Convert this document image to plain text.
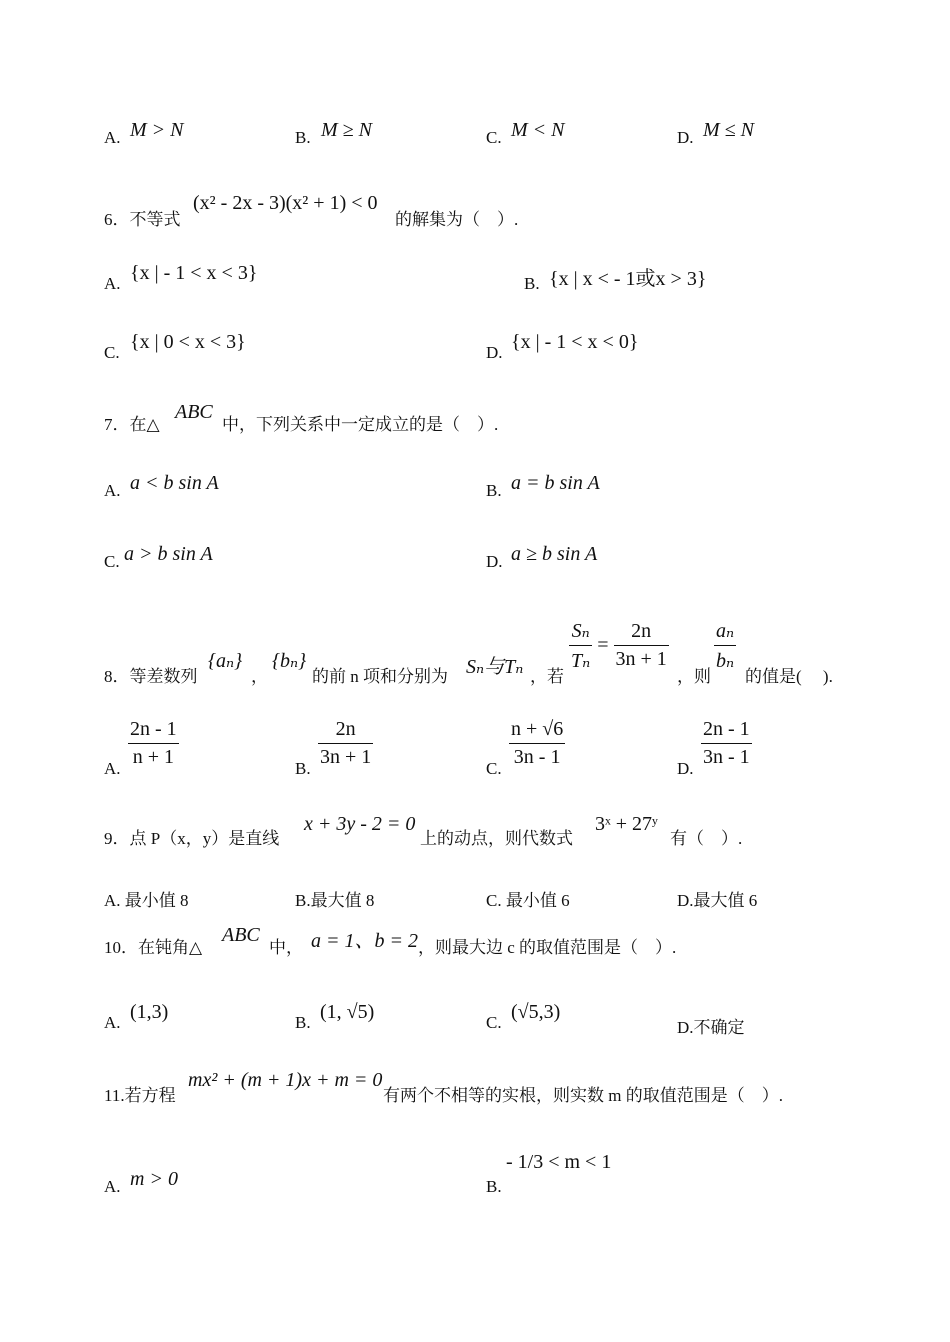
A. M > N	B. M ≥ N	C. M < N	D. M ≤ N
6．不等式
(x² - 2x - 3)(x² + 1) < 0
的解集为（　）.
A. {x | - 1 < x < 3}	B. {x | x < - 1或x > 3}
C. {x | 0 < x < 3}	D. {x | - 1 < x < 0}
7．在△
ABC
中，下列关系中一定成立的是（　）.
A. a < b sin A	B. a = b sin A
C. a > b sin A	D. a ≥ b sin A
8．等差数列
{aₙ}
，
{bₙ}
的前 n 项和分别为 Sₙ与Tₙ ，若
$\frac{\text{Sₙ}}{\text{Tₙ}} = \frac{2n}{3n + 1}$
，则
$\frac{\text{aₙ}}{\text{bₙ}}$
的值是(　 ).
A. $\frac{2n - 1}{n + 1}$	B. $\frac{2n}{3n + 1}$	C. $\frac{n + √6}{3n - 1}$	D. $\frac{2n - 1}{3n - 1}$
9．点 P（x，y）是直线
x + 3y - 2 = 0
上的动点，则代数式
3ˣ + 27ʸ
有（　）.
A. 最小值 8	B.最大值 8	C. 最小值 6	D.最大值 6
10．在钝角△
ABC
中， a = 1、b = 2 ，则最大边 c 的取值范围是（　）.
A. (1,3)	B. (1, √5)	C. (√5,3)
D.不确定
11.若方程
mx² + (m + 1)x + m = 0
有两个不相等的实根，则实数 m 的取值范围是（　）.
A. m > 0	B.
- 1/3 < m < 1
